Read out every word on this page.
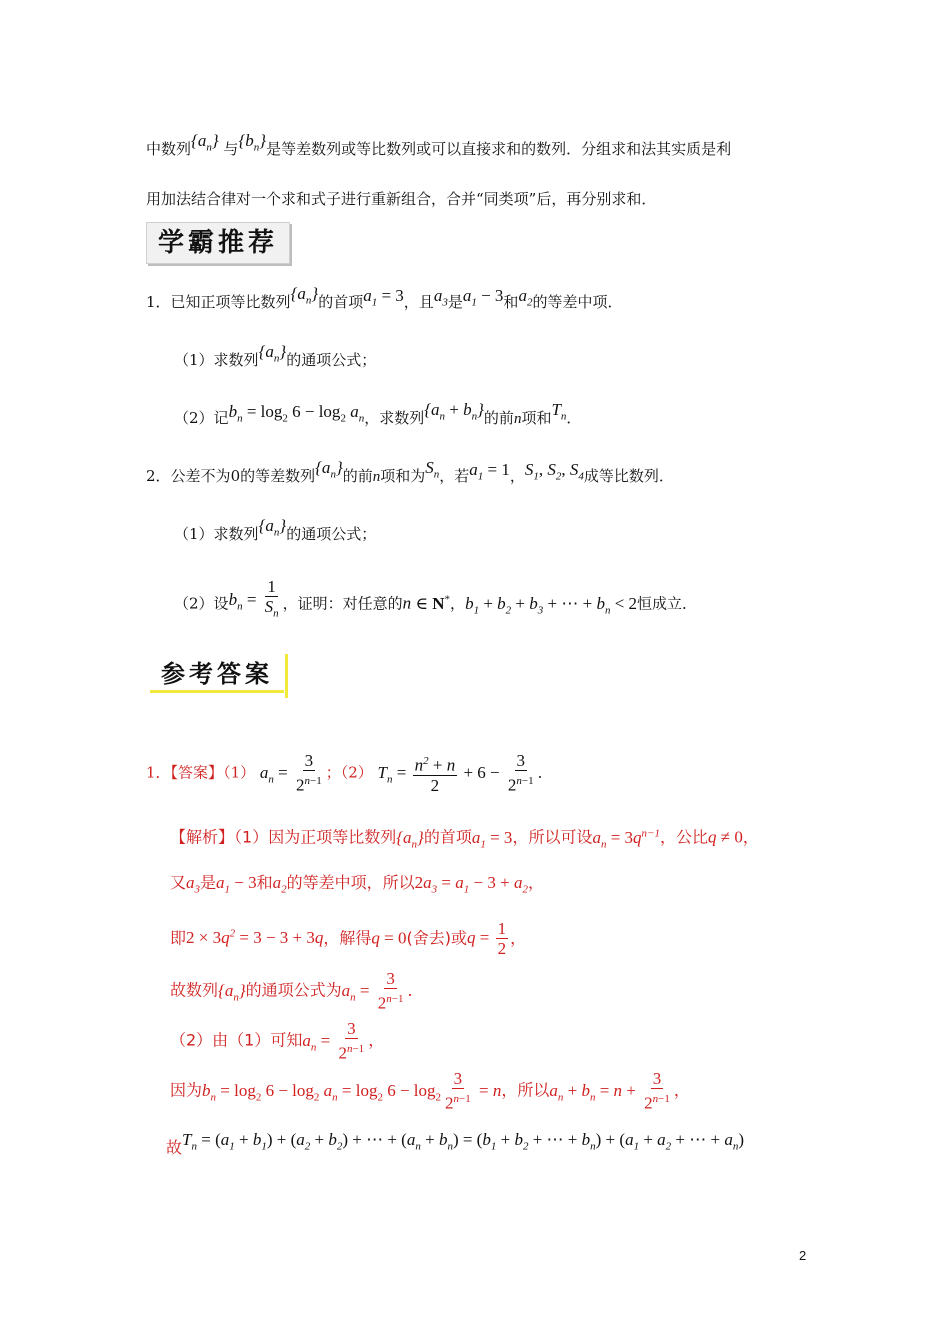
中数列$\{a_n\}$ 与$\{b_n\}$是等差数列或等比数列或可以直接求和的数列．分组求和法其实质是利
用加法结合律对一个求和式子进行重新组合，合并“同类项”后，再分别求和．
学霸推荐
1．已知正项等比数列$\{a_n\}$的首项$a_1 = 3$，且$a_3$是$a_1 - 3$和$a_2$的等差中项．
（1）求数列$\{a_n\}$的通项公式；
（2）记$b_n = \log_2 6 - \log_2 a_n$，求数列$\{a_n + b_n\}$的前n项和$T_n$．
2．公差不为0的等差数列$\{a_n\}$的前n项和为$S_n$，若$a_1 = 1$，$S_1$, $S_2$, $S_4$成等比数列．
（1）求数列$\{a_n\}$的通项公式；
（2）设$b_n = \frac{1}{S_n}$ ，证明：对任意的n ∈ N*，$b_1 + b_2 + b_3$ + ⋯ + $b_n < 2$恒成立．
参考答案
1．【答案】（1） $a_n = \frac{3}{2^{n-1}}$ ；（2） $T_n = \frac{n^2 + n}{2} + 6 - \frac{3}{2^{n-1}}$ ．
【解析】（1）因为正项等比数列$\{a_n\}$的首项$a_1 = 3$，所以可设$a_n = 3q^{n-1}$，公比q ≠ 0，
又$a_3$是$a_1 - 3$和$a_2$的等差中项，所以$2a_3 = a_1 - 3 + a_2$，
即$2 \times 3q^2 = 3 - 3 + 3q$，解得q = 0(舍去)或$q = \frac{1}{2}$ ，
故数列$\{a_n\}$的通项公式为$a_n = \frac{3}{2^{n-1}}$ ．
（2）由（1）可知$a_n = \frac{3}{2^{n-1}}$ ，
因为$b_n = \log_2 6 - \log_2 a_n = \log_2 6 - \log_2 \frac{3}{2^{n-1}} = n$，所以$a_n + b_n = n + \frac{3}{2^{n-1}}$ ，
故$T_n = (a_1 + b_1) + (a_2 + b_2)$ + ⋯ + $(a_n + b_n) = (b_1 + b_2$ + ⋯ + $b_n) + (a_1 + a_2$ + ⋯ + $a_n$)
2
